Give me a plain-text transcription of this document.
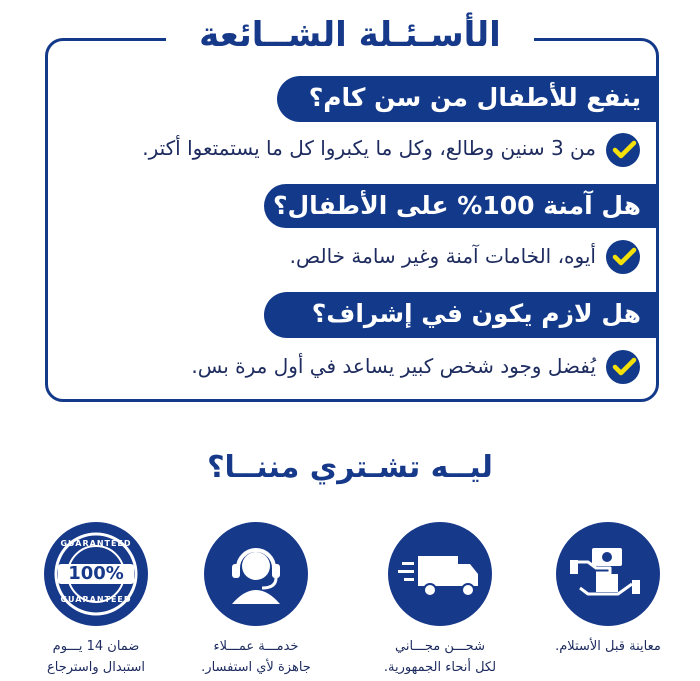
الأسـئـلة الشــائعة
ينفع للأطفال من سن كام؟
من 3 سنين وطالع، وكل ما يكبروا كل ما يستمتعوا أكتر.
هل آمنة 100% على الأطفال؟
أيوه، الخامات آمنة وغير سامة خالص.
هل لازم يكون في إشراف؟
يُفضل وجود شخص كبير يساعد في أول مرة بس.
ليــه تشـتري مننــا؟
معاينة قبل الأستلام.
شحـــن مجـــاني
لكل أنحاء الجمهورية.
خدمـــة عمـــلاء
جاهزة لأي استفسار.
100%
GUARANTEED
GUARANTEED
ضمان 14 يـــوم
استبدال واسترجاع
